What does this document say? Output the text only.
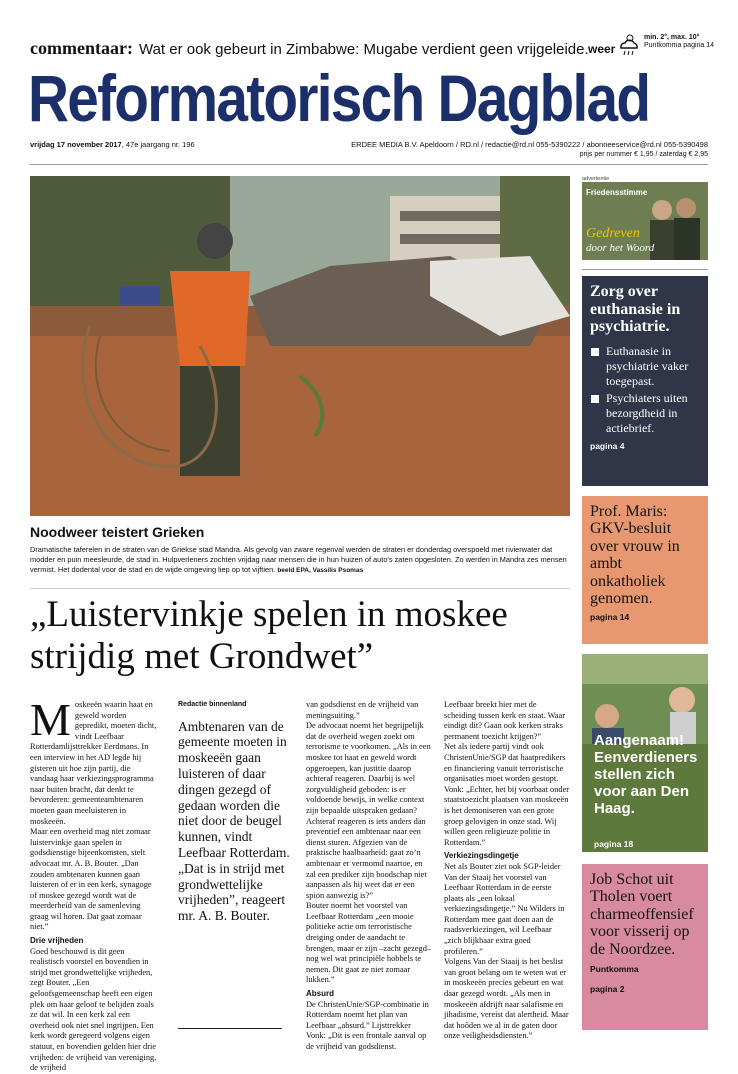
commentaar: Wat er ook gebeurt in Zimbabwe: Mugabe verdient geen vrijgeleide. weer
min. 2°, max. 10°
Puntkomma pagina 14
Reformatorisch Dagblad
vrijdag 17 november 2017, 47e jaargang nr. 196	ERDEE MEDIA B.V. Apeldoorn / RD.nl / redactie@rd.nl 055-5390222 / abonneeservice@rd.nl 055-5390498
prijs per nummer € 1,95 / zaterdag € 2,95
Noodweer teistert Grieken
Dramatische taferelen in de straten van de Griekse stad Mandra. Als gevolg van zware regenval werden de straten er donderdag overspoeld met rivierwater dat modder en puin meesleurde, de stad in. Hulpverleners zochten vrijdag naar mensen die in hun huizen of auto's zaten opgesloten. Zo werden in Mandra zes mensen vermist. Het dodental voor de stad en de wijde omgeving liep op tot vijftien. beeld EPA, Vassilis Psomas
„Luistervinkje spelen in moskee strijdig met Grondwet”

Moskeeën waarin haat en geweld worden gepredikt, moeten dicht, vindt Leefbaar Rotterdamlijsttrekker Eerdmans. In een interview in het AD legde hij gisteren uit hoe zijn partij, die vandaag haar verkiezingsprogramma naar buiten bracht, dat denkt te bevorderen: gemeenteambtenaren moeten gaan meeluisteren in moskeeën.

Maar een overheid mag niet zomaar luistervinkje gaan spelen in godsdienstige bijeenkomsten, stelt advocaat mr. A. B. Bouter. „Dan zouden ambtenaren kunnen gaan luisteren of er in een kerk, synagoge of moskee gezegd wordt wat de meerderheid van de samenleving graag wil horen. Dat gaat zomaar niet.”

Drie vrijheden

Goed beschouwd is dit geen realistisch voorstel en bovendien in strijd met grondwettelijke vrijheden, zegt Bouter. „Een geloofsgemeenschap heeft een eigen plek om haar geloof te belijden zoals ze dat wil. In een kerk zal een overheid ook niet snel ingrijpen. Een kerk wordt geregeerd volgens eigen statuut, en bovendien gelden hier drie vrijheden: de vrijheid van vereniging, de vrijheid

Redactie binnenland
Ambtenaren van de gemeente moeten in moskeeën gaan luisteren of daar dingen gezegd of gedaan worden die niet door de beugel kunnen, vindt Leefbaar Rotterdam. „Dat is in strijd met grondwettelijke vrijheden”, reageert mr. A. B. Bouter.

van godsdienst en de vrijheid van meningsuiting.”

De advocaat noemt het begrijpelijk dat de overheid wegen zoekt om terrorisme te voorkomen. „Als in een moskee tot haat en geweld wordt opgeroepen, kan justitie daarop achteraf reageren. Daarbij is wel zorgvuldigheid geboden: is er voldoende bewijs, in welke context zijn bepaalde uitspraken gedaan? Achteraf reageren is iets anders dan preventief een ambtenaar naar een dienst sturen. Afgezien van de praktische haalbaarheid: gaat zo’n ambtenaar er vermomd naartoe, en zal een prediker zijn boodschap niet aanpassen als hij weet dat er een spion aanwezig is?”

Bouter noemt het voorstel van Leefbaar Rotterdam „een mooie politieke actie om terroristische dreiging onder de aandacht te brengen, maar er zijn –zacht gezegd– nog wel wat principiële hobbels te nemen. Dit gaat ze niet zomaar lukken.”

Absurd

De ChristenUnie/SGP-combinatie in Rotterdam noemt het plan van Leefbaar „absurd.” Lijsttrekker Vonk: „Dit is een frontale aanval op de vrijheid van godsdienst.

Leefbaar breekt hier met de scheiding tussen kerk en staat. Waar eindigt dit? Gaan ook kerken straks permanent toezicht krijgen?”

Net als iedere partij vindt ook ChristenUnie/SGP dat haatpredikers en financiering vanuit terroristische organisaties moet worden gestopt. Vonk: „Echter, het bij voorbaat onder staatstoezicht plaatsen van moskeeën is het demoniseren van een grote groep gelovigen in onze stad. Wij willen geen religieuze politie in Rotterdam.”

Verkiezingsdingetje

Net als Bouter ziet ook SGP-leider Van der Staaij het voorstel van Leefbaar Rotterdam in de eerste plaats als „een lokaal verkiezingsdingetje.” Nu Wilders in Rotterdam mee gaat doen aan de raadsverkiezingen, wil Leefbaar „zich blijkbaar extra goed profileren.”

Volgens Van der Staaij is het beslist van groot belang om te weten wat er in moskeeën precies gebeurt en wat daar gezegd wordt. „Als men in moskeeën afdrijft naar salafisme en jihadisme, vereist dat alertheid. Maar dat hoôden we al in de gaten door onze veiligheidsdiensten.”

advertentie
Friedensstimme
Gedreven
door het Woord
Zorg over euthanasie in psychiatrie.
Euthanasie in psychiatrie vaker toegepast.
Psychiaters uiten bezorgdheid in actiebrief.
pagina 4
Prof. Maris: GKV-besluit over vrouw in ambt onkatholiek genomen.
pagina 14
Aangenaam! Eenverdieners stellen zich voor aan Den Haag.
pagina 18
Job Schot uit Tholen voert charmeoffensief voor visserij op de Noordzee.
Puntkomma
pagina 2
